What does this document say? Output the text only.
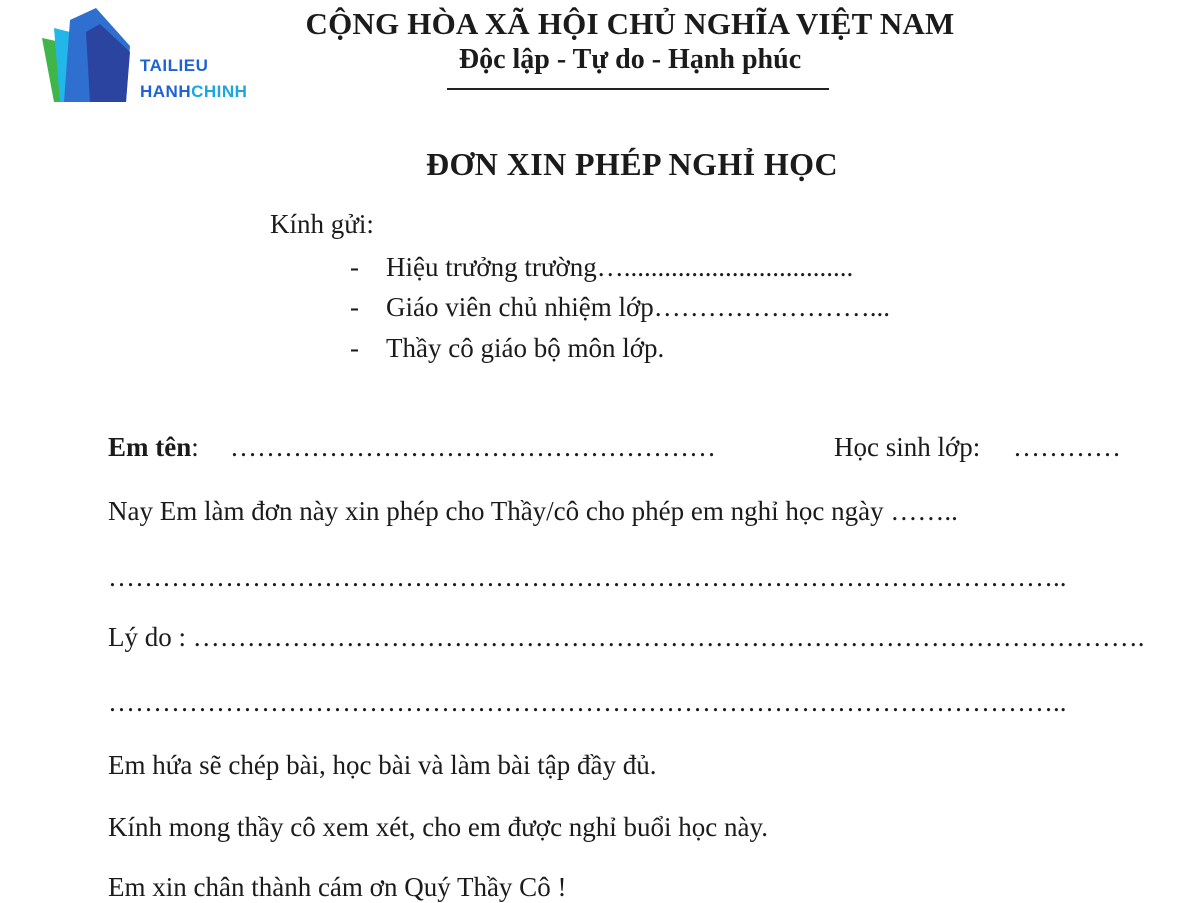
TAILIEU
HANHCHINH
CỘNG HÒA XÃ HỘI CHỦ NGHĨA VIỆT NAM
Độc lập - Tự do - Hạnh phúc
ĐƠN XIN PHÉP NGHỈ HỌC
Kính gửi:
- Hiệu trưởng trường…..................................
- Giáo viên chủ nhiệm lớp……………………...
- Thầy cô giáo bộ môn lớp.
Em tên: ………………………………………………	Học sinh lớp: …………
Nay Em làm đơn này xin phép cho Thầy/cô cho phép em nghỉ học ngày ……..
……………………………………………………………………………………………..
Lý do : …………………………………………………………………………………………….
……………………………………………………………………………………………..
Em hứa sẽ chép bài, học bài và làm bài tập đầy đủ.
Kính mong thầy cô xem xét, cho em được nghỉ buổi học này.
Em xin chân thành cám ơn Quý Thầy Cô !
